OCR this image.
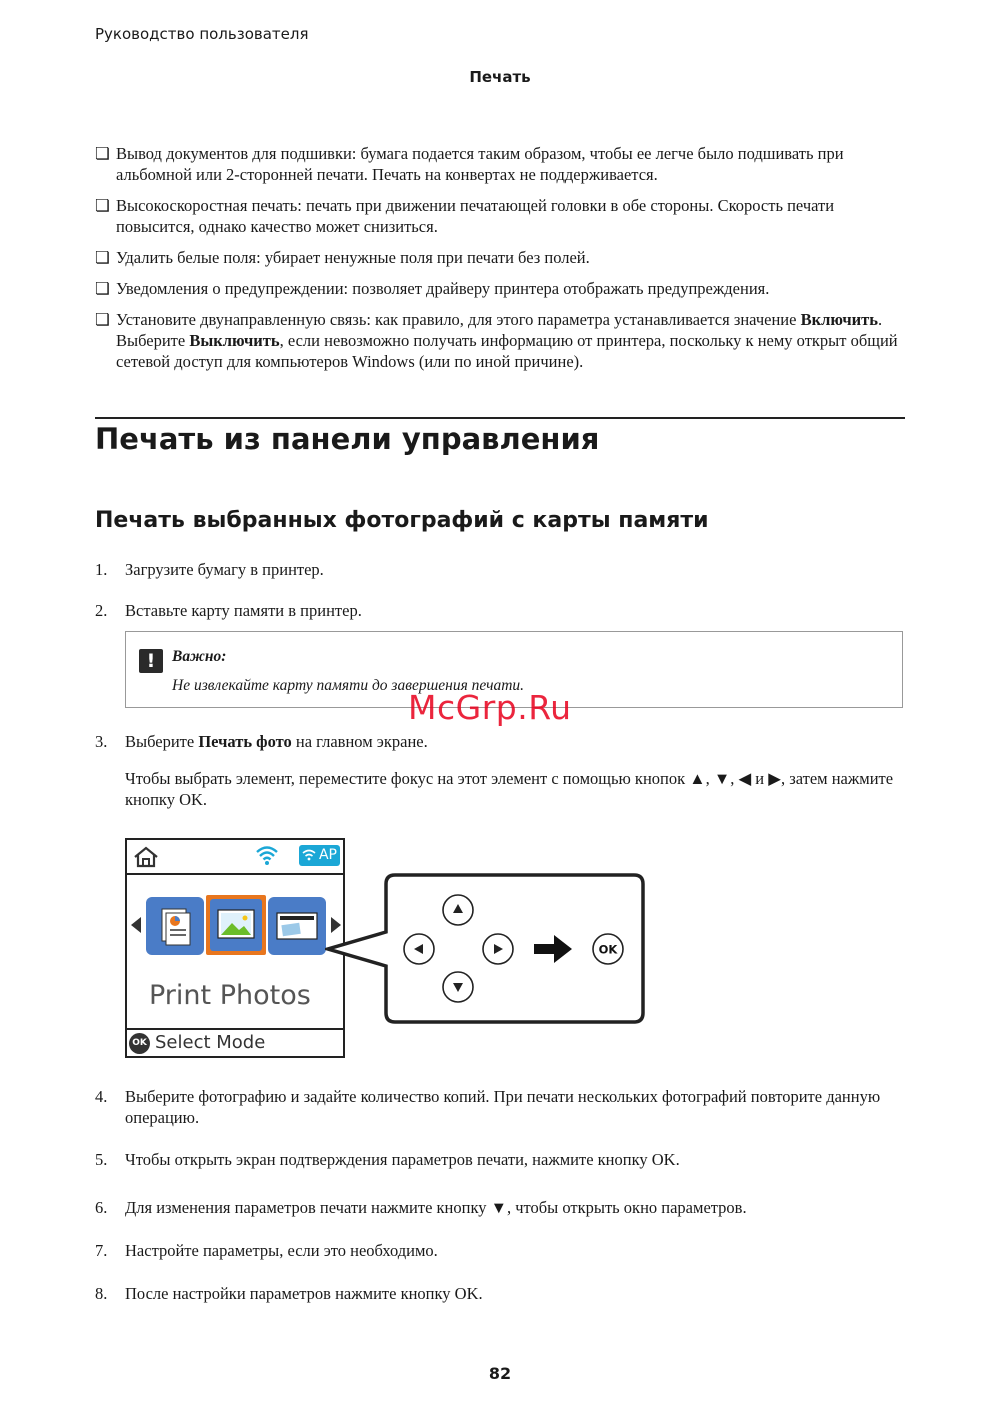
Руководство пользователя
Печать
❏ Вывод документов для подшивки: бумага подается таким образом, чтобы ее легче было подшивать при альбомной или 2-сторонней печати. Печать на конвертах не поддерживается.
❏ Высокоскоростная печать: печать при движении печатающей головки в обе стороны. Скорость печати повысится, однако качество может снизиться.
❏ Удалить белые поля: убирает ненужные поля при печати без полей.
❏ Уведомления о предупреждении: позволяет драйверу принтера отображать предупреждения.
❏ Установите двунаправленную связь: как правило, для этого параметра устанавливается значение Включить. Выберите Выключить, если невозможно получать информацию от принтера, поскольку к нему открыт общий сетевой доступ для компьютеров Windows (или по иной причине).
Печать из панели управления
Печать выбранных фотографий с карты памяти
1. Загрузите бумагу в принтер.
2. Вставьте карту памяти в принтер.
!	Важно:
Не извлекайте карту памяти до завершения печати.
McGrp.Ru
3. Выберите Печать фото на главном экране.
Чтобы выбрать элемент, переместите фокус на этот элемент с помощью кнопок ▲, ▼, ◀ и ▶, затем нажмите кнопку OK.
AP
Print Photos
OK Select Mode
OK
4. Выберите фотографию и задайте количество копий. При печати нескольких фотографий повторите данную операцию.
5. Чтобы открыть экран подтверждения параметров печати, нажмите кнопку OK.
6. Для изменения параметров печати нажмите кнопку ▼, чтобы открыть окно параметров.
7. Настройте параметры, если это необходимо.
8. После настройки параметров нажмите кнопку OK.
82
